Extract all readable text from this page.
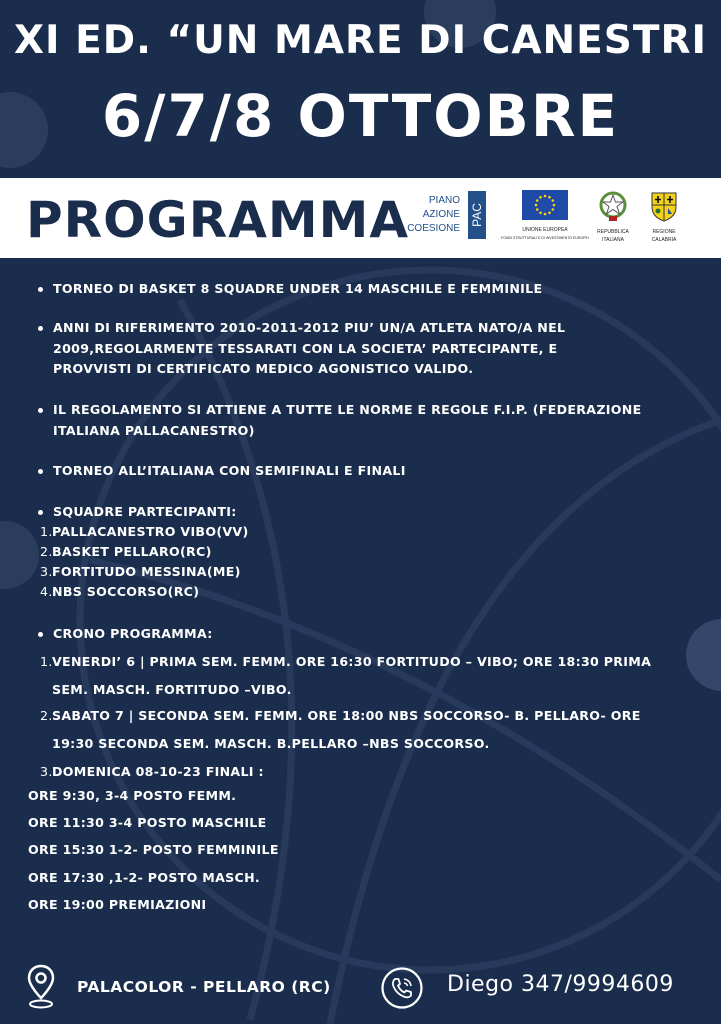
XI ED. “UN MARE DI CANESTRI
6/7/8 OTTOBRE
PROGRAMMA	PIANO
AZIONE
COESIONE
PAC
UNIONE EUROPEA
FONDI STRUTTURALI E DI INVESTIMENTO EUROPEI
REPUBBLICA
ITALIANA
REGIONE
CALABRIA
TORNEO DI BASKET 8 SQUADRE UNDER 14 MASCHILE E FEMMINILE
ANNI DI RIFERIMENTO 2010-2011-2012 PIU’ UN/A ATLETA NATO/A NEL
2009,REGOLARMENTE TESSARATI CON LA SOCIETA’ PARTECIPANTE, E
PROVVISTI DI CERTIFICATO MEDICO AGONISTICO VALIDO.
IL REGOLAMENTO SI ATTIENE A TUTTE LE NORME E REGOLE F.I.P. (FEDERAZIONE
ITALIANA PALLACANESTRO)
TORNEO ALL’ITALIANA CON SEMIFINALI E FINALI
SQUADRE PARTECIPANTI:
1. PALLACANESTRO VIBO(VV)
2. BASKET PELLARO(RC)
3. FORTITUDO MESSINA(ME)
4. NBS SOCCORSO(RC)
CRONO PROGRAMMA:
1. VENERDI’ 6 | PRIMA SEM. FEMM. ORE 16:30 FORTITUDO – VIBO; ORE 18:30 PRIMA
SEM. MASCH. FORTITUDO –VIBO.
2. SABATO 7 | SECONDA SEM. FEMM. ORE 18:00 NBS SOCCORSO- B. PELLARO- ORE
19:30 SECONDA SEM. MASCH. B.PELLARO –NBS SOCCORSO.
3. DOMENICA 08-10-23 FINALI :
ORE 9:30, 3-4 POSTO FEMM.
ORE 11:30 3-4 POSTO MASCHILE
ORE 15:30 1-2- POSTO FEMMINILE
ORE 17:30 ,1-2- POSTO MASCH.
ORE 19:00 PREMIAZIONI
PALACOLOR - PELLARO (RC)	Diego 347/9994609
